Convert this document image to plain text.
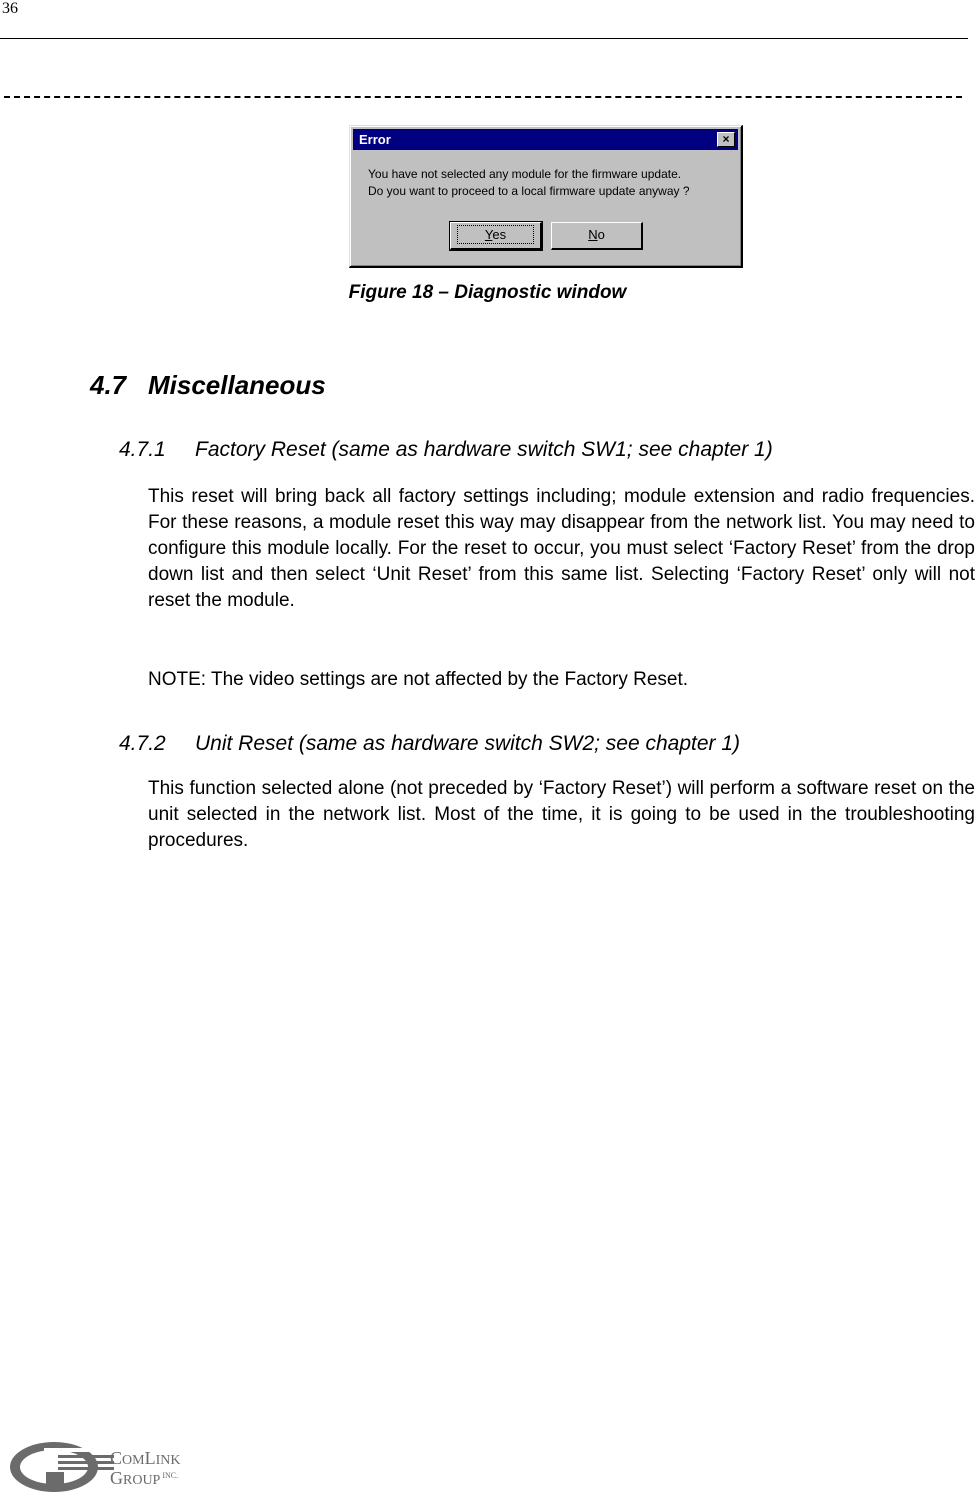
36
Error	×
You have not selected any module for the firmware update.
Do you want to proceed to a local firmware update anyway ?
Yes	No
Figure 18 – Diagnostic window
4.7 Miscellaneous
4.7.1 Factory Reset (same as hardware switch SW1; see chapter 1)
This reset will bring back all factory settings including; module extension and radio frequencies. For these reasons, a module reset this way may disappear from the network list. You may need to configure this module locally. For the reset to occur, you must select ‘Factory Reset’ from the drop down list and then select ‘Unit Reset’ from this same list. Selecting ‘Factory Reset’ only will not reset the module.
NOTE: The video settings are not affected by the Factory Reset.
4.7.2 Unit Reset (same as hardware switch SW2; see chapter 1)
This function selected alone (not preceded by ‘Factory Reset’) will perform a software reset on the unit selected in the network list. Most of the time, it is going to be used in the troubleshooting procedures.
COMLINK
GROUP $^{INC.}$
